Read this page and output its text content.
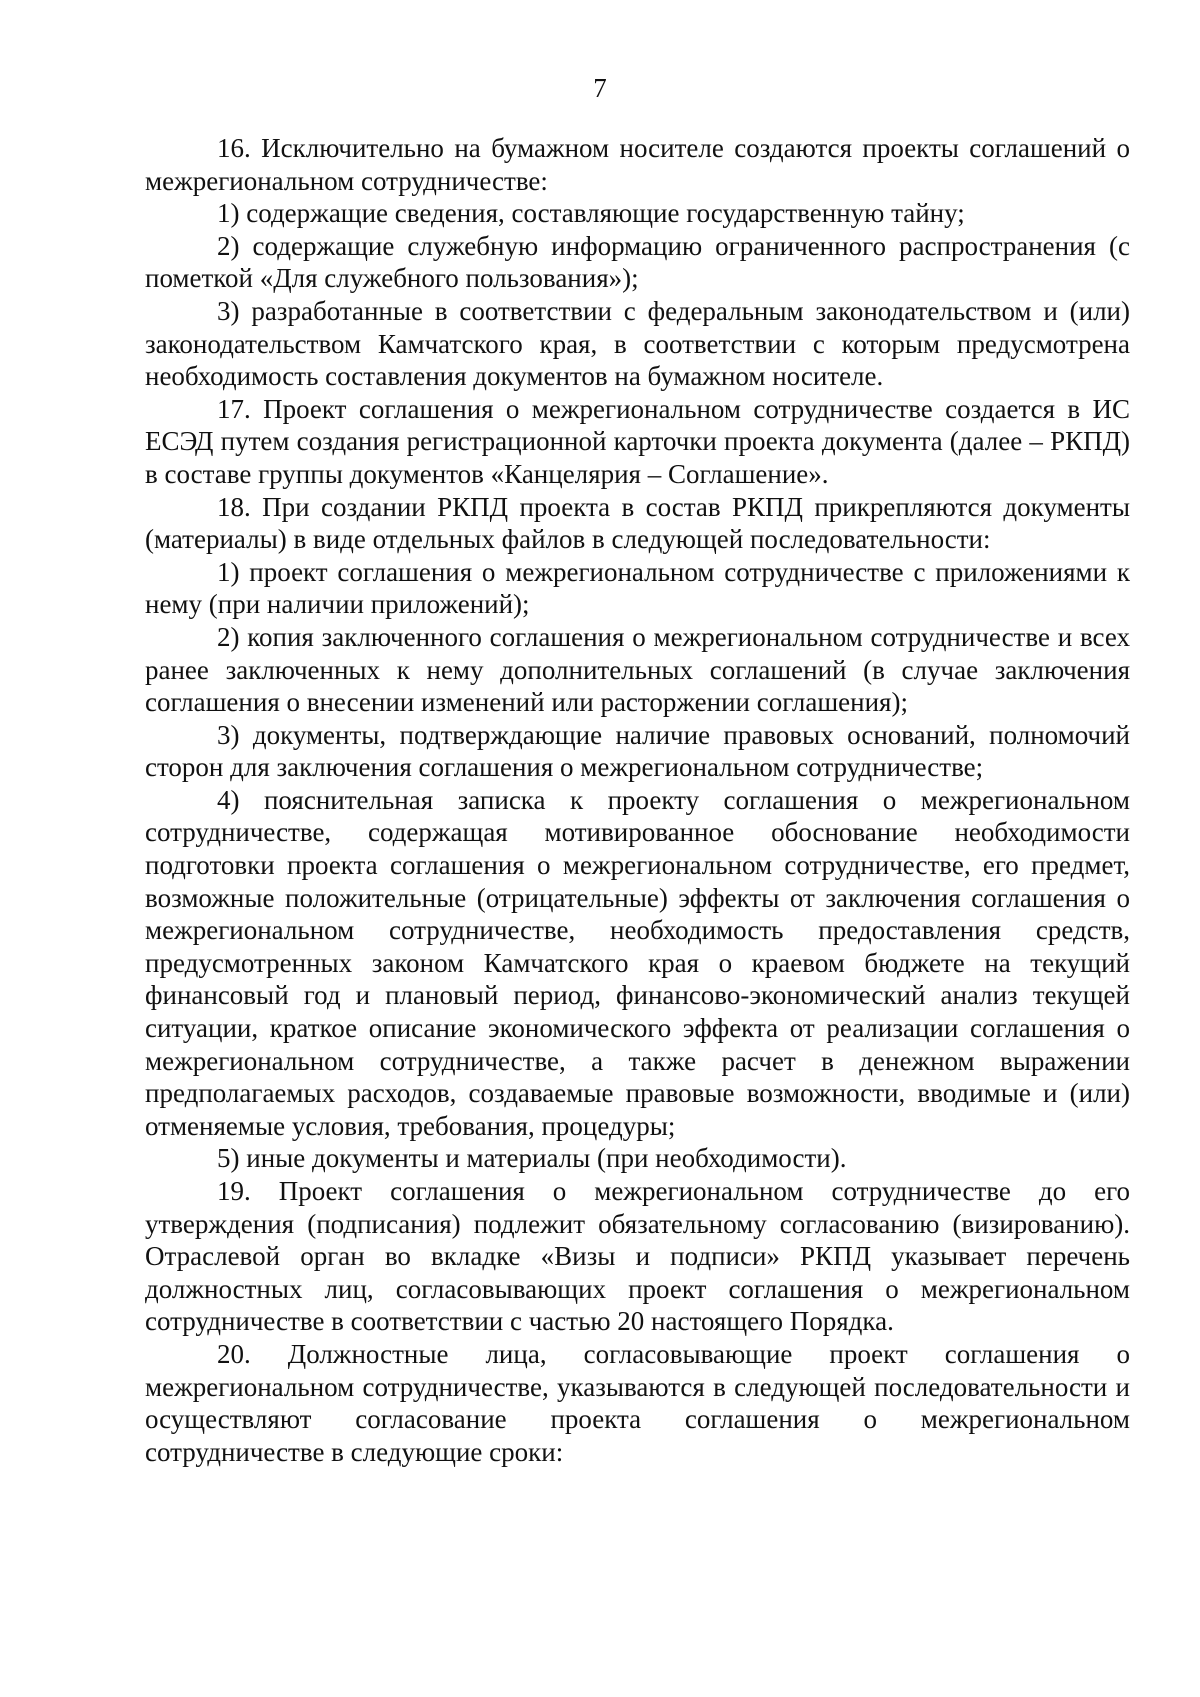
7

16. Исключительно на бумажном носителе создаются проекты соглашений о межрегиональном сотрудничестве:

1) содержащие сведения, составляющие государственную тайну;

2) содержащие служебную информацию ограниченного распространения (с пометкой «Для служебного пользования»);

3) разработанные в соответствии с федеральным законодательством и (или) законодательством Камчатского края, в соответствии с которым предусмотрена необходимость составления документов на бумажном носителе.

17. Проект соглашения о межрегиональном сотрудничестве создается в ИС ЕСЭД путем создания регистрационной карточки проекта документа (далее – РКПД) в составе группы документов «Канцелярия – Соглашение».

18. При создании РКПД проекта в состав РКПД прикрепляются документы (материалы) в виде отдельных файлов в следующей последовательности:

1) проект соглашения о межрегиональном сотрудничестве с приложениями к нему (при наличии приложений);

2) копия заключенного соглашения о межрегиональном сотрудничестве и всех ранее заключенных к нему дополнительных соглашений (в случае заключения соглашения о внесении изменений или расторжении соглашения);

3) документы, подтверждающие наличие правовых оснований, полномочий сторон для заключения соглашения о межрегиональном сотрудничестве;

4) пояснительная записка к проекту соглашения о межрегиональном сотрудничестве, содержащая мотивированное обоснование необходимости подготовки проекта соглашения о межрегиональном сотрудничестве, его предмет, возможные положительные (отрицательные) эффекты от заключения соглашения о межрегиональном сотрудничестве, необходимость предоставления средств, предусмотренных законом Камчатского края о краевом бюджете на текущий финансовый год и плановый период, финансово-экономический анализ текущей ситуации, краткое описание экономического эффекта от реализации соглашения о межрегиональном сотрудничестве, а также расчет в денежном выражении предполагаемых расходов, создаваемые правовые возможности, вводимые и (или) отменяемые условия, требования, процедуры;

5) иные документы и материалы (при необходимости).

19. Проект соглашения о межрегиональном сотрудничестве до его утверждения (подписания) подлежит обязательному согласованию (визированию). Отраслевой орган во вкладке «Визы и подписи» РКПД указывает перечень должностных лиц, согласовывающих проект соглашения о межрегиональном сотрудничестве в соответствии с частью 20 настоящего Порядка.

20. Должностные лица, согласовывающие проект соглашения о межрегиональном сотрудничестве, указываются в следующей последовательности и осуществляют согласование проекта соглашения о межрегиональном сотрудничестве в следующие сроки:
